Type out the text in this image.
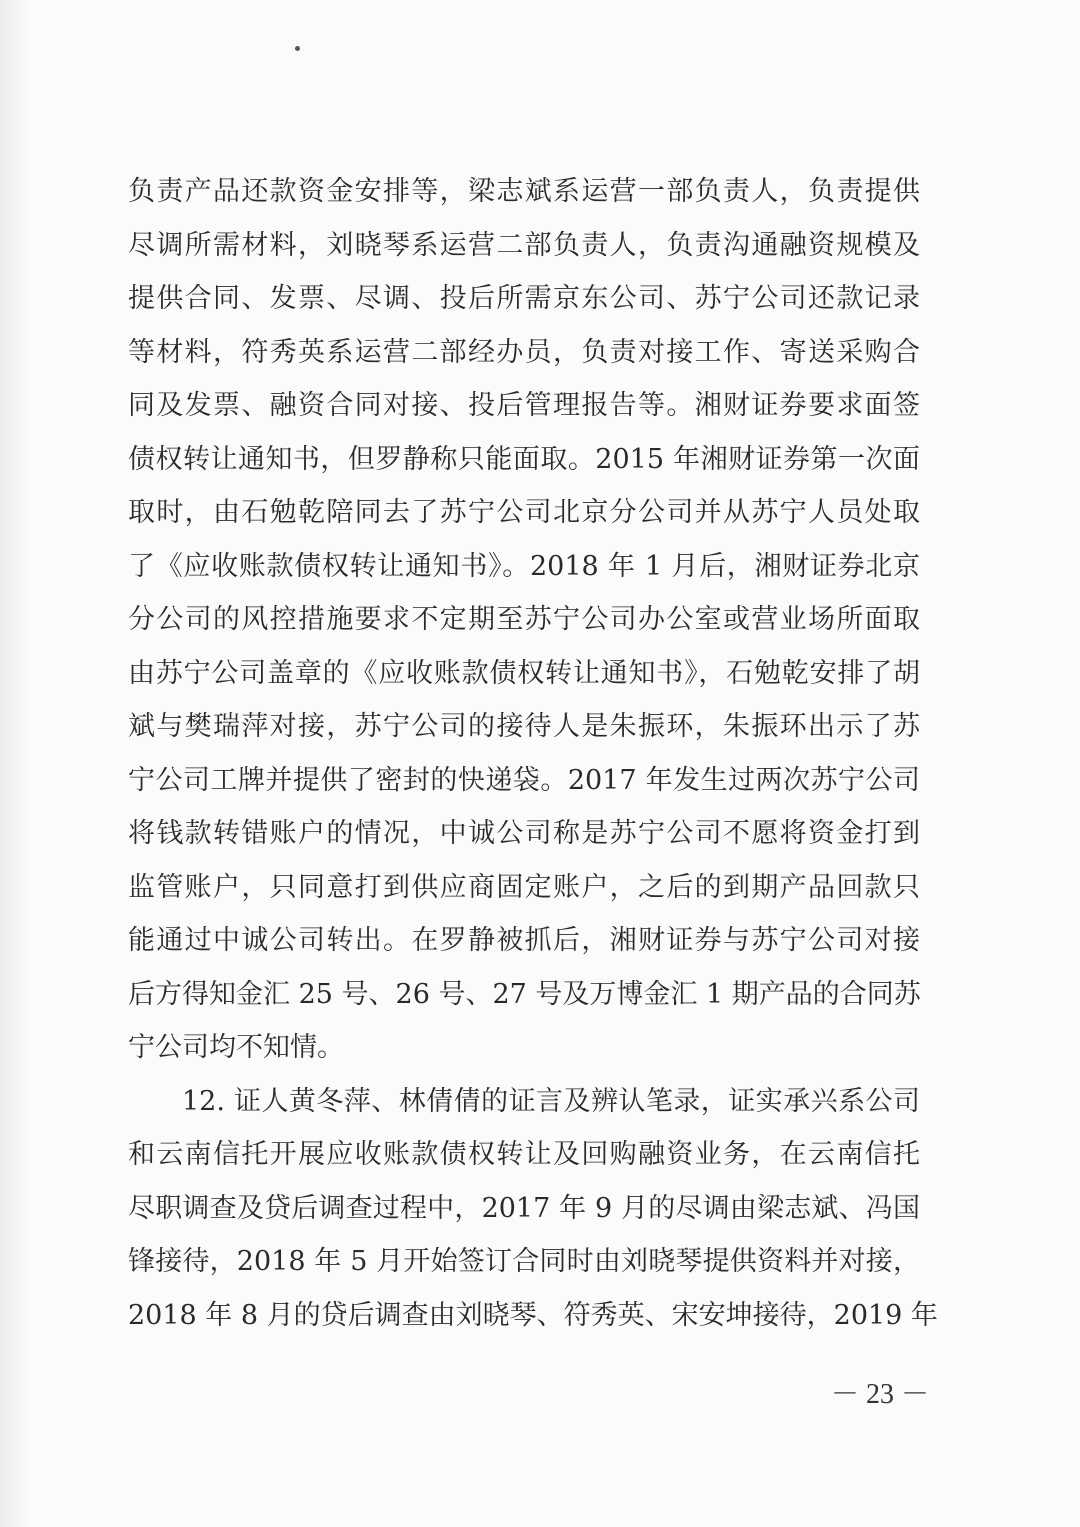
负责产品还款资金安排等，梁志斌系运营一部负责人，负责提供
尽调所需材料，刘晓琴系运营二部负责人，负责沟通融资规模及
提供合同、发票、尽调、投后所需京东公司、苏宁公司还款记录
等材料，符秀英系运营二部经办员，负责对接工作、寄送采购合
同及发票、融资合同对接、投后管理报告等。湘财证券要求面签
债权转让通知书，但罗静称只能面取。2015 年湘财证券第一次面
取时，由石勉乾陪同去了苏宁公司北京分公司并从苏宁人员处取
了《应收账款债权转让通知书》。2018 年 1 月后，湘财证券北京
分公司的风控措施要求不定期至苏宁公司办公室或营业场所面取
由苏宁公司盖章的《应收账款债权转让通知书》，石勉乾安排了胡
斌与樊瑞萍对接，苏宁公司的接待人是朱振环，朱振环出示了苏
宁公司工牌并提供了密封的快递袋。2017 年发生过两次苏宁公司
将钱款转错账户的情况，中诚公司称是苏宁公司不愿将资金打到
监管账户，只同意打到供应商固定账户，之后的到期产品回款只
能通过中诚公司转出。在罗静被抓后，湘财证券与苏宁公司对接
后方得知金汇 25 号、26 号、27 号及万博金汇 1 期产品的合同苏
宁公司均不知情。
12. 证人黄冬萍、林倩倩的证言及辨认笔录，证实承兴系公司
和云南信托开展应收账款债权转让及回购融资业务，在云南信托
尽职调查及贷后调查过程中，2017 年 9 月的尽调由梁志斌、冯国
锋接待，2018 年 5 月开始签订合同时由刘晓琴提供资料并对接，
2018 年 8 月的贷后调查由刘晓琴、符秀英、宋安坤接待，2019 年
－ 23 －
